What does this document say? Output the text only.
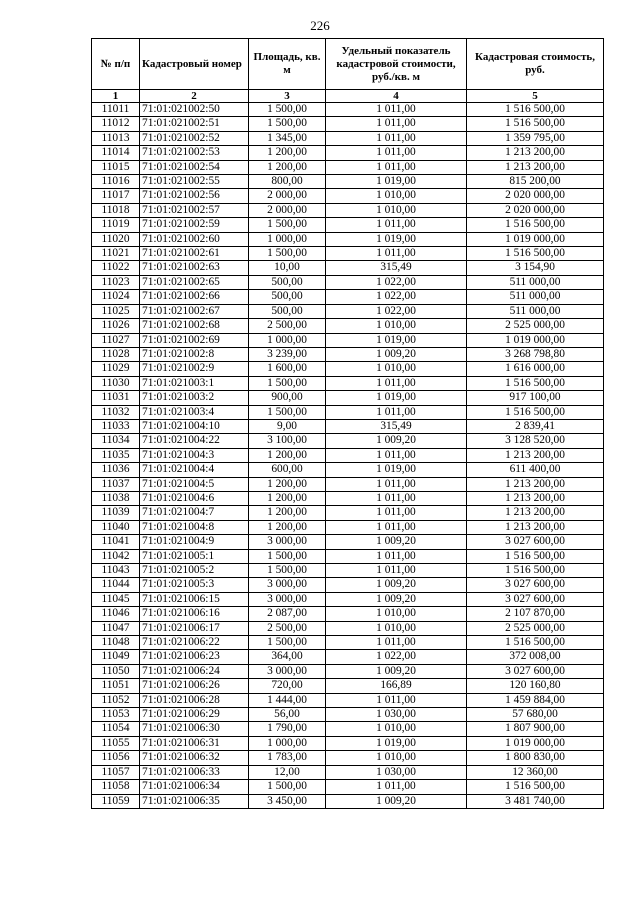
226
№ п/п	Кадастровый номер	Площадь, кв. м	Удельный показатель кадастровой стоимости, руб./кв. м	Кадастровая стоимость, руб.
1	2	3	4	5
11011	71:01:021002:50	1 500,00	1 011,00	1 516 500,00
11012	71:01:021002:51	1 500,00	1 011,00	1 516 500,00
11013	71:01:021002:52	1 345,00	1 011,00	1 359 795,00
11014	71:01:021002:53	1 200,00	1 011,00	1 213 200,00
11015	71:01:021002:54	1 200,00	1 011,00	1 213 200,00
11016	71:01:021002:55	800,00	1 019,00	815 200,00
11017	71:01:021002:56	2 000,00	1 010,00	2 020 000,00
11018	71:01:021002:57	2 000,00	1 010,00	2 020 000,00
11019	71:01:021002:59	1 500,00	1 011,00	1 516 500,00
11020	71:01:021002:60	1 000,00	1 019,00	1 019 000,00
11021	71:01:021002:61	1 500,00	1 011,00	1 516 500,00
11022	71:01:021002:63	10,00	315,49	3 154,90
11023	71:01:021002:65	500,00	1 022,00	511 000,00
11024	71:01:021002:66	500,00	1 022,00	511 000,00
11025	71:01:021002:67	500,00	1 022,00	511 000,00
11026	71:01:021002:68	2 500,00	1 010,00	2 525 000,00
11027	71:01:021002:69	1 000,00	1 019,00	1 019 000,00
11028	71:01:021002:8	3 239,00	1 009,20	3 268 798,80
11029	71:01:021002:9	1 600,00	1 010,00	1 616 000,00
11030	71:01:021003:1	1 500,00	1 011,00	1 516 500,00
11031	71:01:021003:2	900,00	1 019,00	917 100,00
11032	71:01:021003:4	1 500,00	1 011,00	1 516 500,00
11033	71:01:021004:10	9,00	315,49	2 839,41
11034	71:01:021004:22	3 100,00	1 009,20	3 128 520,00
11035	71:01:021004:3	1 200,00	1 011,00	1 213 200,00
11036	71:01:021004:4	600,00	1 019,00	611 400,00
11037	71:01:021004:5	1 200,00	1 011,00	1 213 200,00
11038	71:01:021004:6	1 200,00	1 011,00	1 213 200,00
11039	71:01:021004:7	1 200,00	1 011,00	1 213 200,00
11040	71:01:021004:8	1 200,00	1 011,00	1 213 200,00
11041	71:01:021004:9	3 000,00	1 009,20	3 027 600,00
11042	71:01:021005:1	1 500,00	1 011,00	1 516 500,00
11043	71:01:021005:2	1 500,00	1 011,00	1 516 500,00
11044	71:01:021005:3	3 000,00	1 009,20	3 027 600,00
11045	71:01:021006:15	3 000,00	1 009,20	3 027 600,00
11046	71:01:021006:16	2 087,00	1 010,00	2 107 870,00
11047	71:01:021006:17	2 500,00	1 010,00	2 525 000,00
11048	71:01:021006:22	1 500,00	1 011,00	1 516 500,00
11049	71:01:021006:23	364,00	1 022,00	372 008,00
11050	71:01:021006:24	3 000,00	1 009,20	3 027 600,00
11051	71:01:021006:26	720,00	166,89	120 160,80
11052	71:01:021006:28	1 444,00	1 011,00	1 459 884,00
11053	71:01:021006:29	56,00	1 030,00	57 680,00
11054	71:01:021006:30	1 790,00	1 010,00	1 807 900,00
11055	71:01:021006:31	1 000,00	1 019,00	1 019 000,00
11056	71:01:021006:32	1 783,00	1 010,00	1 800 830,00
11057	71:01:021006:33	12,00	1 030,00	12 360,00
11058	71:01:021006:34	1 500,00	1 011,00	1 516 500,00
11059	71:01:021006:35	3 450,00	1 009,20	3 481 740,00
